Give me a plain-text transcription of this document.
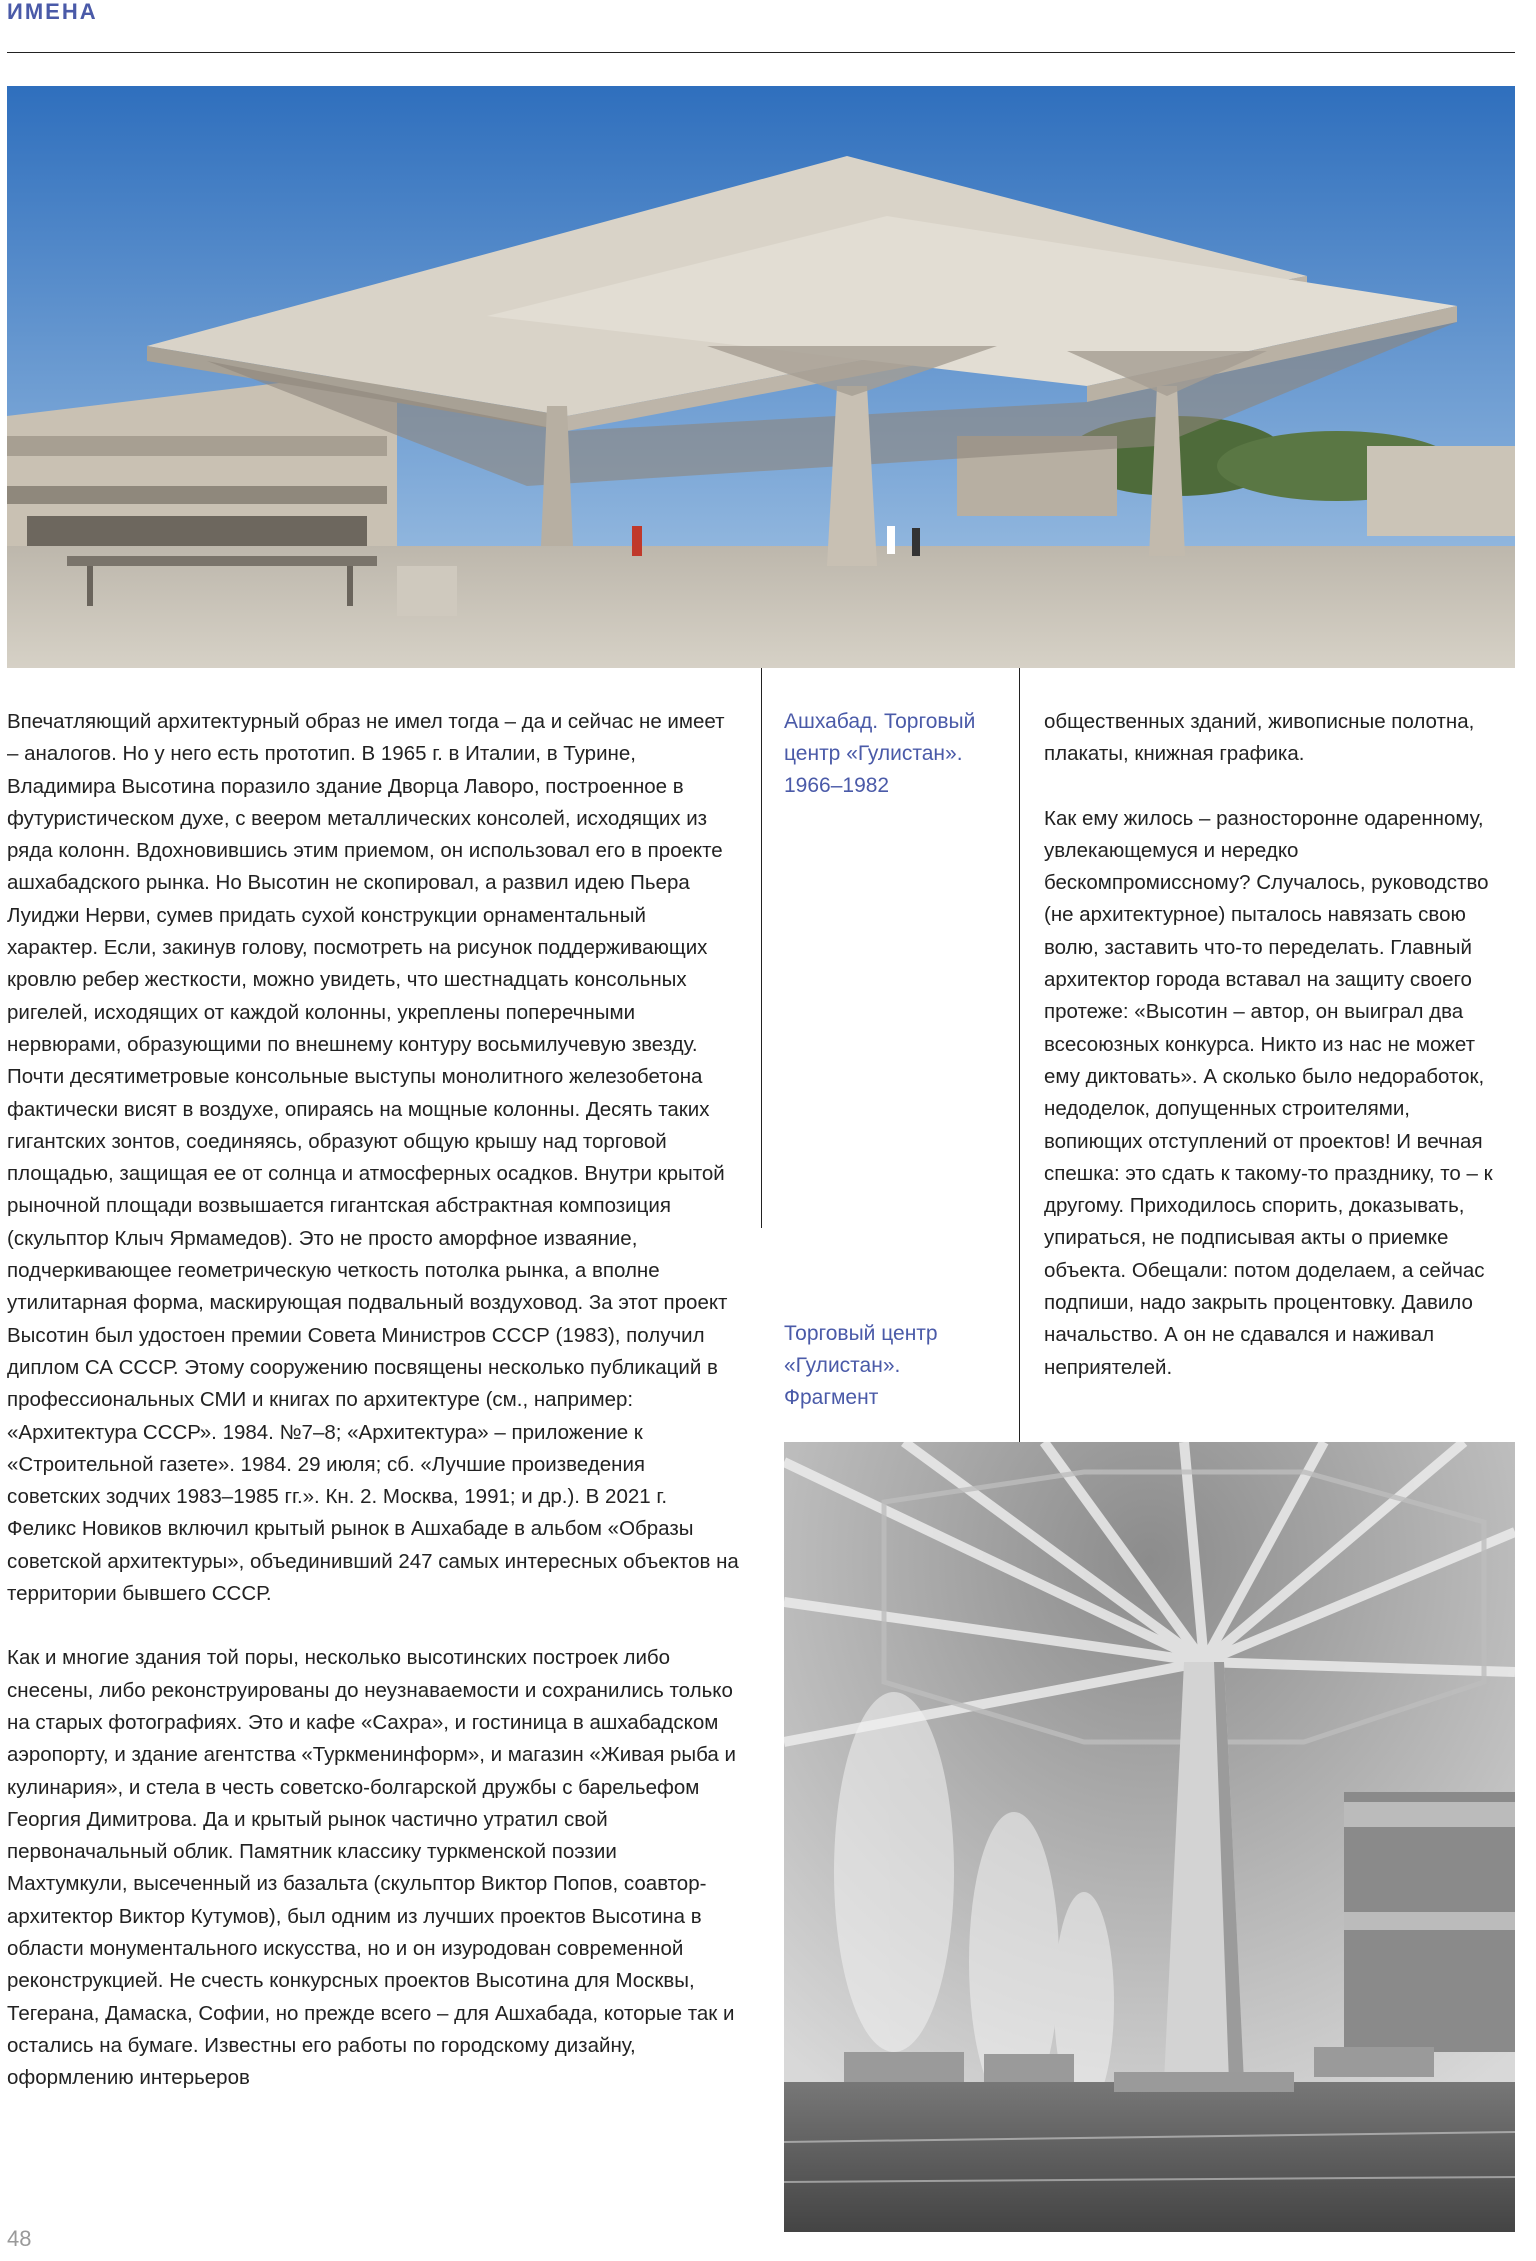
ИМЕНА

Впечатляющий архитектурный образ не имел тогда – да и сейчас не имеет – аналогов. Но у него есть прототип. В 1965 г. в Италии, в Турине, Владимира Высотина поразило здание Дворца Лаворо, построенное в футуристическом духе, с веером металлических консолей, исходящих из ряда колонн. Вдохновившись этим приемом, он использовал его в проекте ашхабадского рынка. Но Высотин не скопировал, а развил идею Пьера Луиджи Нерви, сумев придать сухой конструкции орнаментальный характер. Если, закинув голову, посмотреть на рисунок поддерживающих кровлю ребер жесткости, можно увидеть, что шестнадцать консольных ригелей, исходящих от каждой колонны, укреплены поперечными нервюрами, образующими по внешнему контуру восьмилучевую звезду. Почти десятиметровые консольные выступы монолитного железобетона фактически висят в воздухе, опираясь на мощные колонны. Десять таких гигантских зонтов, соединяясь, образуют общую крышу над торговой площадью, защищая ее от солнца и атмосферных осадков. Внутри крытой рыночной площади возвышается гигантская абстрактная композиция (скульптор Клыч Ярмамедов). Это не просто аморфное изваяние, подчеркивающее геометрическую четкость потолка рынка, а вполне утилитарная форма, маскирующая подвальный воздуховод. За этот проект Высотин был удостоен премии Совета Министров СССР (1983), получил диплом СА СССР. Этому сооружению посвящены несколько публикаций в профессиональных СМИ и книгах по архитектуре (см., например: «Архитектура СССР». 1984. №7–8; «Архитектура» – приложение к «Строительной газете». 1984. 29 июля; сб. «Лучшие произведения советских зодчих 1983–1985 гг.». Кн. 2. Москва, 1991; и др.). В 2021 г. Феликс Новиков включил крытый рынок в Ашхабаде в альбом «Образы советской архитектуры», объединивший 247 самых интересных объектов на территории бывшего СССР.

Как и многие здания той поры, несколько высотинских построек либо снесены, либо реконструированы до неузнаваемости и сохранились только на старых фотографиях. Это и кафе «Сахра», и гостиница в ашхабадском аэропорту, и здание агентства «Туркменинформ», и магазин «Живая рыба и кулинария», и стела в честь советско-болгарской дружбы с барельефом Георгия Димитрова. Да и крытый рынок частично утратил свой первоначальный облик. Памятник классику туркменской поэзии Махтумкули, высеченный из базальта (скульптор Виктор Попов, соавтор-архитектор Виктор Кутумов), был одним из лучших проектов Высотина в области монументального искусства, но и он изуродован современной реконструкцией. Не счесть конкурсных проектов Высотина для Москвы, Тегерана, Дамаска, Софии, но прежде всего – для Ашхабада, которые так и остались на бумаге. Известны его работы по городскому дизайну, оформлению интерьеров

Ашхабад. Торговый центр «Гулистан». 1966–1982
Торговый центр «Гулистан». Фрагмент

общественных зданий, живописные полотна, плакаты, книжная графика.

Как ему жилось – разностороннe одаренному, увлекающемуся и нередко бескомпромиссному? Случалось, руководство (не архитектурное) пыталось навязать свою волю, заставить что-то переделать. Главный архитектор города вставал на защиту своего протеже: «Высотин – автор, он выиграл два всесоюзных конкурса. Никто из нас не может ему диктовать». А сколько было недоработок, недоделок, допущенных строителями, вопиющих отступлений от проектов! И вечная спешка: это сдать к такому-то празднику, то – к другому. Приходилось спорить, доказывать, упираться, не подписывая акты о приемке объекта. Обещали: потом доделаем, а сейчас подпиши, надо закрыть процентовку. Давило начальство. А он не сдавался и наживал неприятелей.

48
